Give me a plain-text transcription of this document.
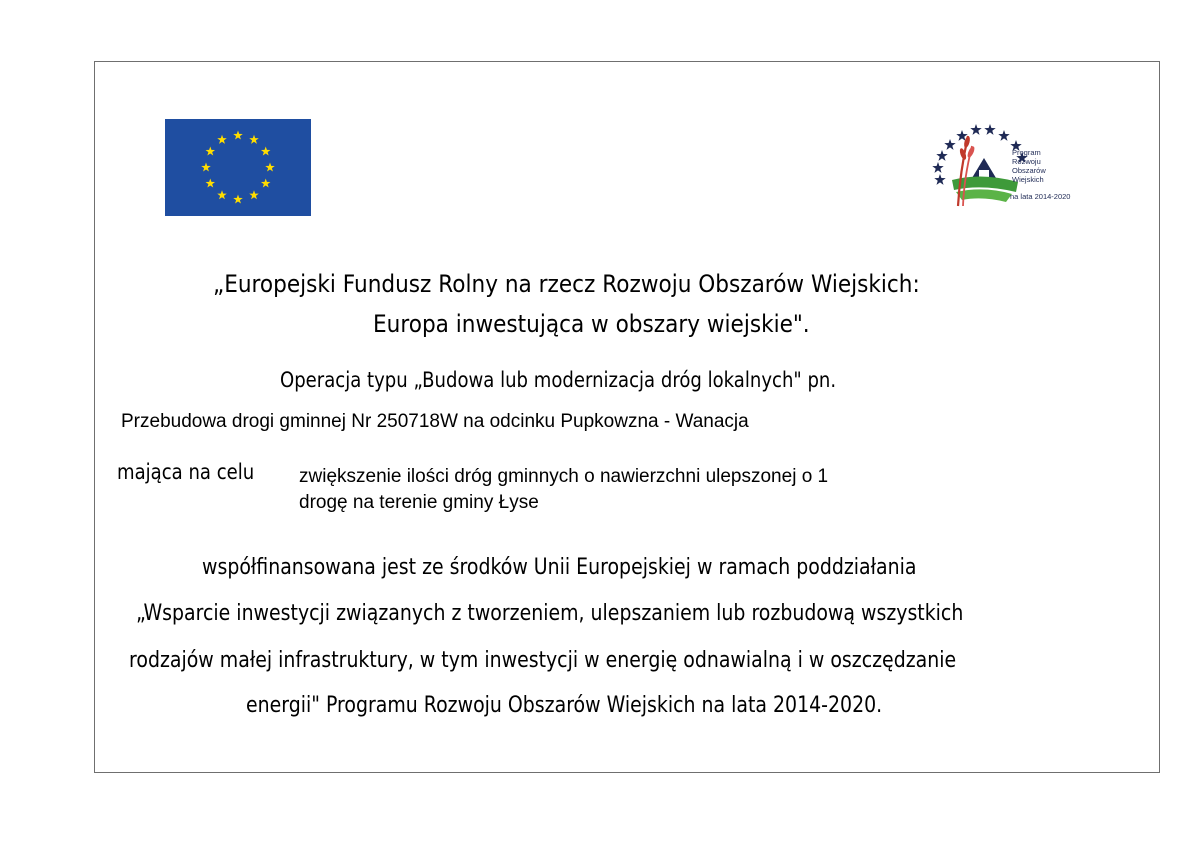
Program
Rozwoju
Obszarów
Wiejskich
na lata 2014-2020
„Europejski Fundusz Rolny na rzecz Rozwoju Obszarów Wiejskich:
Europa inwestująca w obszary wiejskie".
Operacja typu „Budowa lub modernizacja dróg lokalnych" pn.
Przebudowa drogi gminnej Nr 250718W na odcinku Pupkowzna - Wanacja
mająca na celu zwiększenie ilości dróg gminnych o nawierzchni ulepszonej o 1
drogę na terenie gminy Łyse
współfinansowana jest ze środków Unii Europejskiej w ramach poddziałania
„Wsparcie inwestycji związanych z tworzeniem, ulepszaniem lub rozbudową wszystkich
rodzajów małej infrastruktury, w tym inwestycji w energię odnawialną i w oszczędzanie
energii" Programu Rozwoju Obszarów Wiejskich na lata 2014-2020.
